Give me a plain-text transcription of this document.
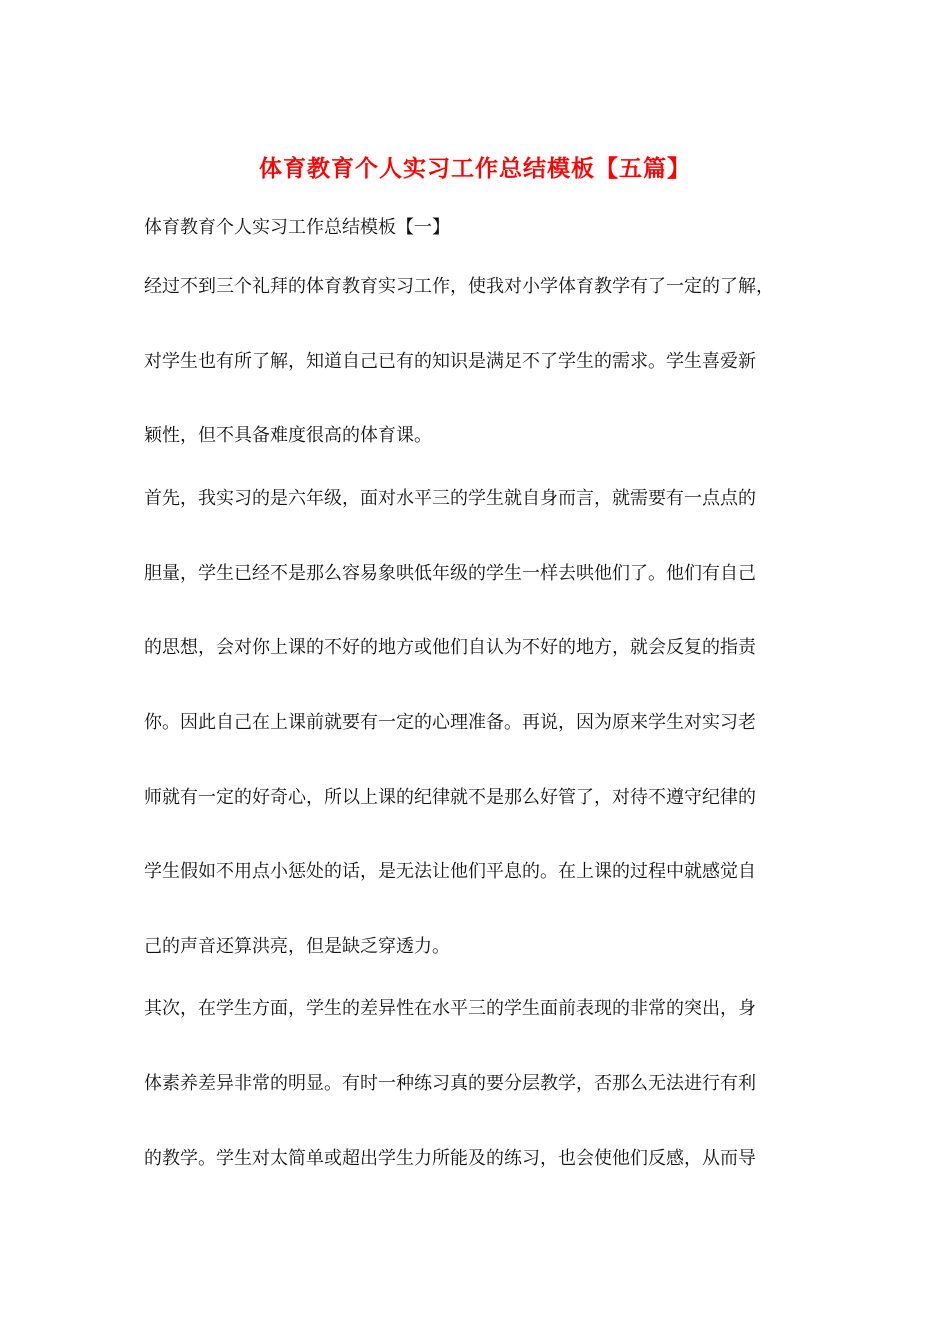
体育教育个人实习工作总结模板【五篇】
体育教育个人实习工作总结模板【一】
经过不到三个礼拜的体育教育实习工作，使我对小学体育教学有了一定的了解，
对学生也有所了解，知道自己已有的知识是满足不了学生的需求。学生喜爱新
颖性，但不具备难度很高的体育课。
首先，我实习的是六年级，面对水平三的学生就自身而言，就需要有一点点的
胆量，学生已经不是那么容易象哄低年级的学生一样去哄他们了。他们有自己
的思想，会对你上课的不好的地方或他们自认为不好的地方，就会反复的指责
你。因此自己在上课前就要有一定的心理准备。再说，因为原来学生对实习老
师就有一定的好奇心，所以上课的纪律就不是那么好管了，对待不遵守纪律的
学生假如不用点小惩处的话，是无法让他们平息的。在上课的过程中就感觉自
己的声音还算洪亮，但是缺乏穿透力。
其次，在学生方面，学生的差异性在水平三的学生面前表现的非常的突出，身
体素养差异非常的明显。有时一种练习真的要分层教学，否那么无法进行有利
的教学。学生对太简单或超出学生力所能及的练习，也会使他们反感，从而导
